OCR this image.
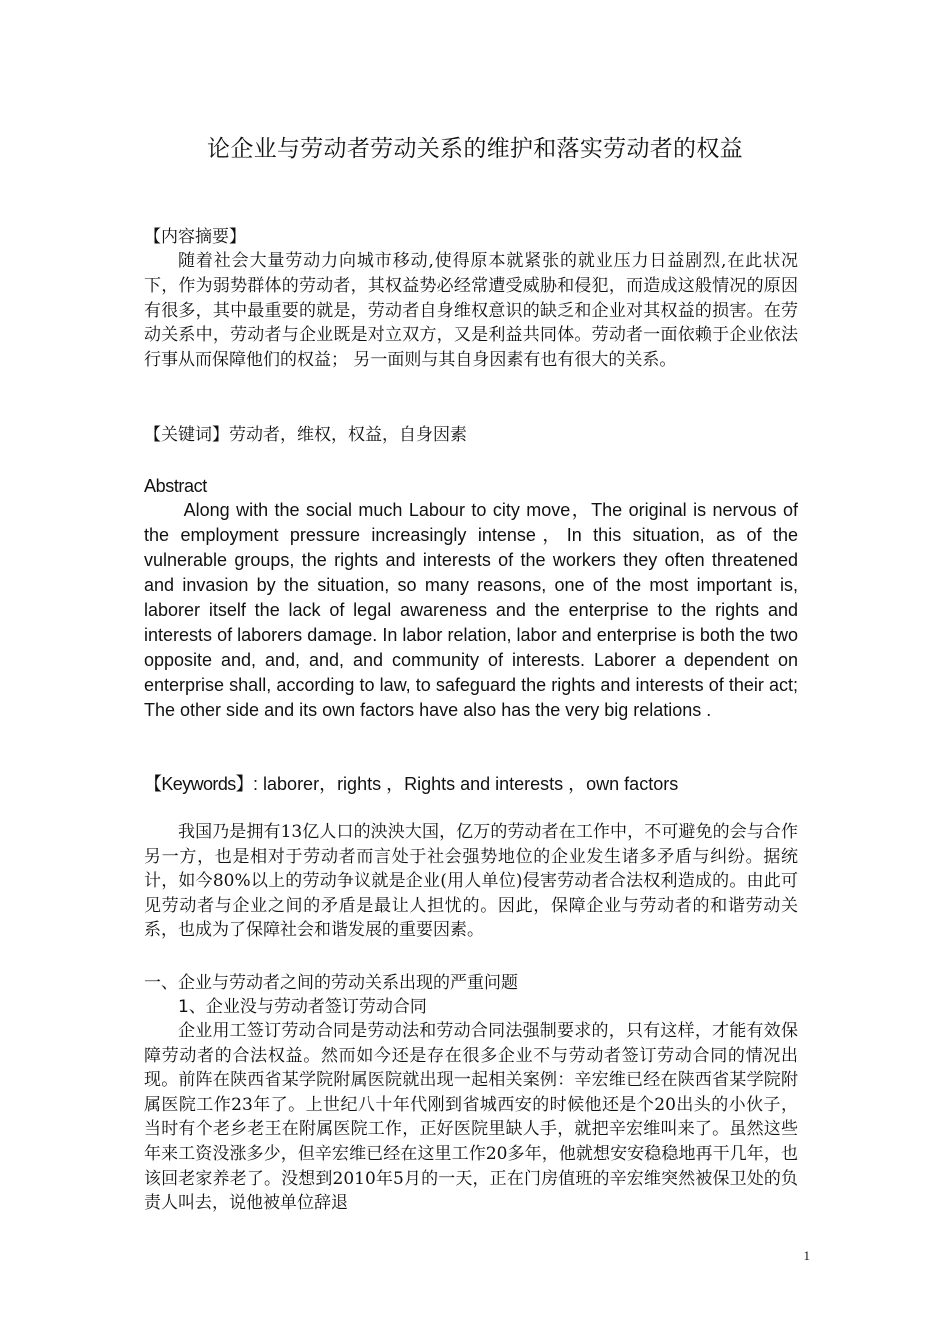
论企业与劳动者劳动关系的维护和落实劳动者的权益
【内容摘要】

随着社会大量劳动力向城市移动,使得原本就紧张的就业压力日益剧烈,在此状况下，作为弱势群体的劳动者，其权益势必经常遭受威胁和侵犯，而造成这般情况的原因有很多，其中最重要的就是，劳动者自身维权意识的缺乏和企业对其权益的损害。在劳动关系中，劳动者与企业既是对立双方，又是利益共同体。劳动者一面依赖于企业依法行事从而保障他们的权益； 另一面则与其自身因素有也有很大的关系。

【关键词】劳动者，维权，权益，自身因素
Abstract

Along with the social much Labour to city move，The original is nervous of the employment pressure increasingly intense，In this situation, as of the vulnerable groups, the rights and interests of the workers they often threatened and invasion by the situation, so many reasons, one of the most important is, laborer itself the lack of legal awareness and the enterprise to the rights and interests of laborers damage. In labor relation, labor and enterprise is both the two opposite and, and, and, and community of interests. Laborer a dependent on enterprise shall, according to law, to safeguard the rights and interests of their act; The other side and its own factors have also has the very big relations .

【Keywords】: laborer，rights ，Rights and interests ，own factors

我国乃是拥有13亿人口的泱泱大国，亿万的劳动者在工作中，不可避免的会与合作另一方，也是相对于劳动者而言处于社会强势地位的企业发生诸多矛盾与纠纷。据统计，如今80%以上的劳动争议就是企业(用人单位)侵害劳动者合法权利造成的。由此可见劳动者与企业之间的矛盾是最让人担忧的。因此，保障企业与劳动者的和谐劳动关系，也成为了保障社会和谐发展的重要因素。

一、企业与劳动者之间的劳动关系出现的严重问题
1、企业没与劳动者签订劳动合同

企业用工签订劳动合同是劳动法和劳动合同法强制要求的，只有这样，才能有效保障劳动者的合法权益。然而如今还是存在很多企业不与劳动者签订劳动合同的情况出现。前阵在陕西省某学院附属医院就出现一起相关案例：辛宏维已经在陕西省某学院附属医院工作23年了。上世纪八十年代刚到省城西安的时候他还是个20出头的小伙子，当时有个老乡老王在附属医院工作，正好医院里缺人手，就把辛宏维叫来了。虽然这些年来工资没涨多少，但辛宏维已经在这里工作20多年，他就想安安稳稳地再干几年，也该回老家养老了。没想到2010年5月的一天，正在门房值班的辛宏维突然被保卫处的负责人叫去，说他被单位辞退

1
